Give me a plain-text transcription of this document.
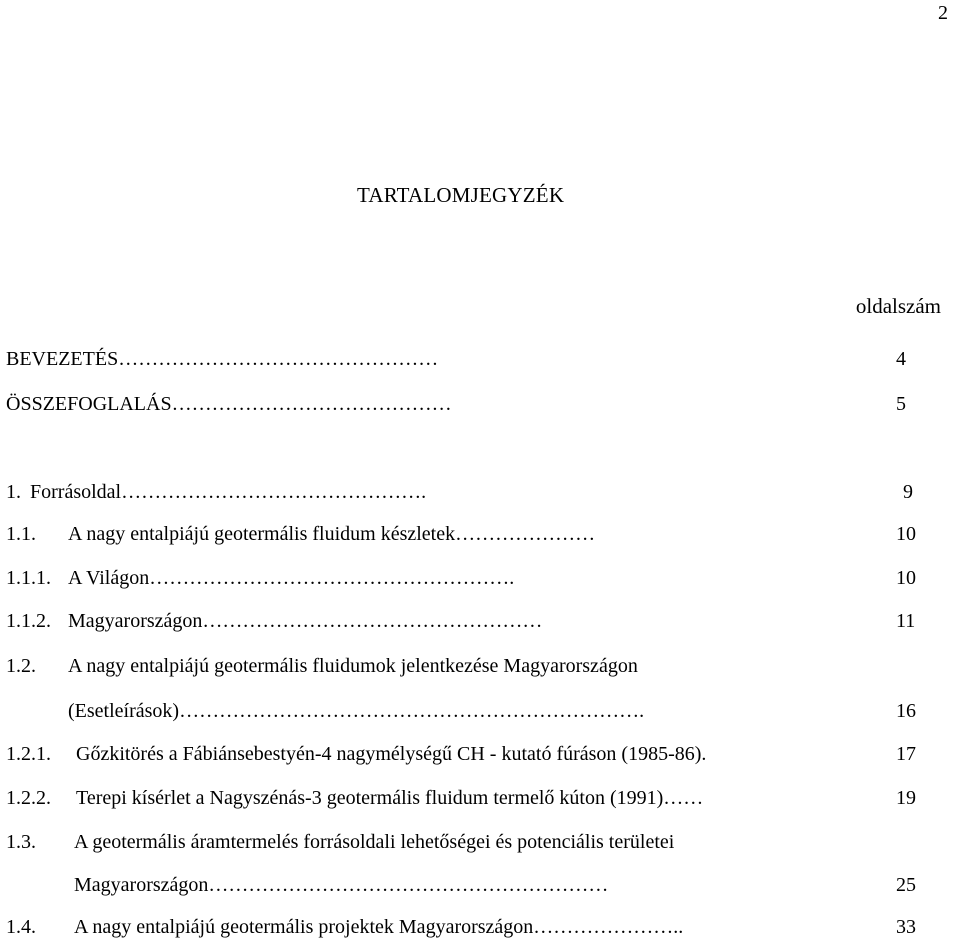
2
TARTALOMJEGYZÉK
oldalszám
BEVEZETÉS…………………………………………	4
ÖSSZEFOGLALÁS……………………………………	5
1. Forrásoldal……………………………………….	9
1.1. A nagy entalpiájú geotermális fluidum készletek…………………	10
1.1.1. A Világon……………………………………………….	10
1.1.2. Magyarországon……………………………………………	11
1.2. A nagy entalpiájú geotermális fluidumok jelentkezése Magyarországon
(Esetleírások)…………………………………………………………….	16
1.2.1. Gőzkitörés a Fábiánsebestyén-4 nagymélységű CH - kutató fúráson (1985-86).	17
1.2.2. Terepi kísérlet a Nagyszénás-3 geotermális fluidum termelő kúton (1991)……	19
1.3. A geotermális áramtermelés forrásoldali lehetőségei és potenciális területei
Magyarországon……………………………………………………	25
1.4. A nagy entalpiájú geotermális projektek Magyarországon…………………..	33
